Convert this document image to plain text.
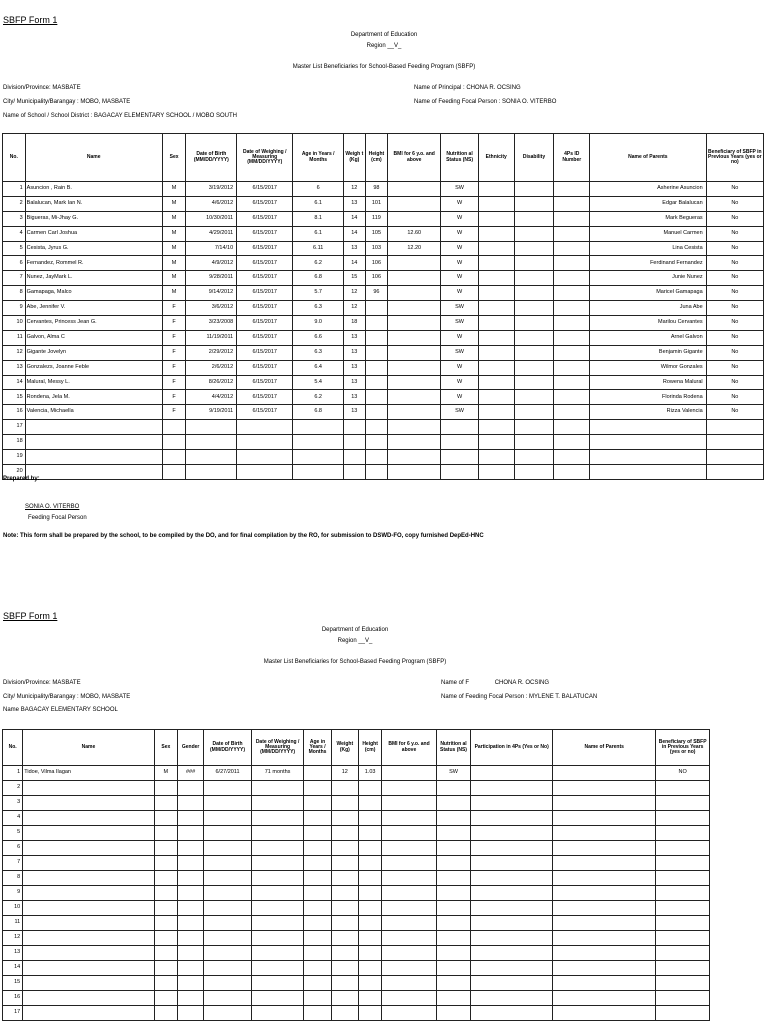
SBFP Form 1
Department of Education
Region __V_
Master List Beneficiaries for School-Based Feeding Program (SBFP)
Division/Province: MASBATE
City/ Municipality/Barangay : MOBO, MASBATE
Name of School / School District : BAGACAY ELEMENTARY SCHOOL / MOBO SOUTH
Name of Principal : CHONA R. OCSING
Name of Feeding Focal Person : SONIA O. VITERBO
No.	Name	Sex	Date of Birth (MM/DD/YYYY)	Date of Weighing / Measuring (MM/DD/YYYY)	Age in Years / Months	Weigh t (Kg)	Height (cm)	BMI for 6 y.o. and above	Nutrition al Status (NS)	Ethnicity	Disability	4Ps ID Number	Name of Parents	Beneficiary of SBFP in Previous Years (yes or no)
1	Asuncion , Rain B.	M	3/19/2012	6/15/2017	6	12	98		SW				Asherine Asuncion	No
2	Balalucan, Mark Ian N.	M	4/6/2012	6/15/2017	6.1	13	101		W				Edgar Balalucan	No
3	Bigueras, Mi-Jhay G.	M	10/30/2011	6/15/2017	8.1	14	119		W				Mark Begueras	No
4	Carmen Carl Joshua	M	4/29/2011	6/15/2017	6.1	14	105	12.60	W				Manuel Carmen	No
5	Cesista, Jyrus G.	M	7/14/10	6/15/2017	6.11	13	103	12.20	W				Lina Cesista	No
6	Fernandez, Rommel R.	M	4/9/2012	6/15/2017	6.2	14	106		W				Ferdinand Fernandez	No
7	Nunez, JayMark L.	M	9/28/2011	6/15/2017	6.8	15	106		W				Junie Nunez	No
8	Gamapaga, Malco	M	9/14/2012	6/15/2017	5.7	12	96		W				Maricel Gamapaga	No
9	Abe, Jennifer V.	F	3/6/2012	6/15/2017	6.3	12			SW				Juna Abe	No
10	Cervantes, Princess Jean G.	F	3/23/2008	6/15/2017	9.0	18			SW				Marilou Cervantes	No
11	Galvon, Alma C	F	11/19/2011	6/15/2017	6.6	13			W				Arnel Galvon	No
12	Gigante Jovelyn	F	2/29/2012	6/15/2017	6.3	13			SW				Benjamin Gigante	No
13	Gonzalezs, Joanne Feble	F	2/6/2012	6/15/2017	6.4	13			W				Wilmor Gonzales	No
14	Malural, Messy L.	F	8/26/2012	6/15/2017	5.4	13			W				Rowena Malural	No
15	Rondena, Jela M.	F	4/4/2012	6/15/2017	6.2	13			W				Florinda Rodena	No
16	Valencia, Michaella	F	9/19/2011	6/15/2017	6.8	13			SW				Rizza Valencia	No
17														
18														
19														
20														
Prepared by:
SONIA O. VITERBO
Feeding Focal Person
Note: This form shall be prepared by the school, to be compiled by the DO, and for final compilation by the RO, for submission to DSWD-FO, copy furnished DepEd-HNC
SBFP Form 1
Department of Education
Region __V_
Master List Beneficiaries for School-Based Feeding Program (SBFP)
Division/Province: MASBATE
City/ Municipality/Barangay : MOBO, MASBATE
Name BAGACAY ELEMENTARY SCHOOL
Name of F	CHONA R. OCSING
Name of Feeding Focal Person : MYLENE T. BALATUCAN
No.	Name	Sex	Gender	Date of Birth (MM/DD/YYYY)	Date of Weighing / Measuring (MM/DD/YYYY)	Age in Years / Months	Weight (Kg)	Height (cm)	BMI for 6 y.o. and above	Nutrition al Status (NS)	Participation in 4Ps (Yes or No)	Name of Parents	Beneficiary of SBFP in Previous Years (yes or no)
1	Tidoe, Vilma Ilagan	M	###	6/27/2011	71 months		12	1.03		SW			NO
2													
3													
4													
5													
6													
7													
8													
9													
10													
11													
12													
13													
14													
15													
16													
17													
